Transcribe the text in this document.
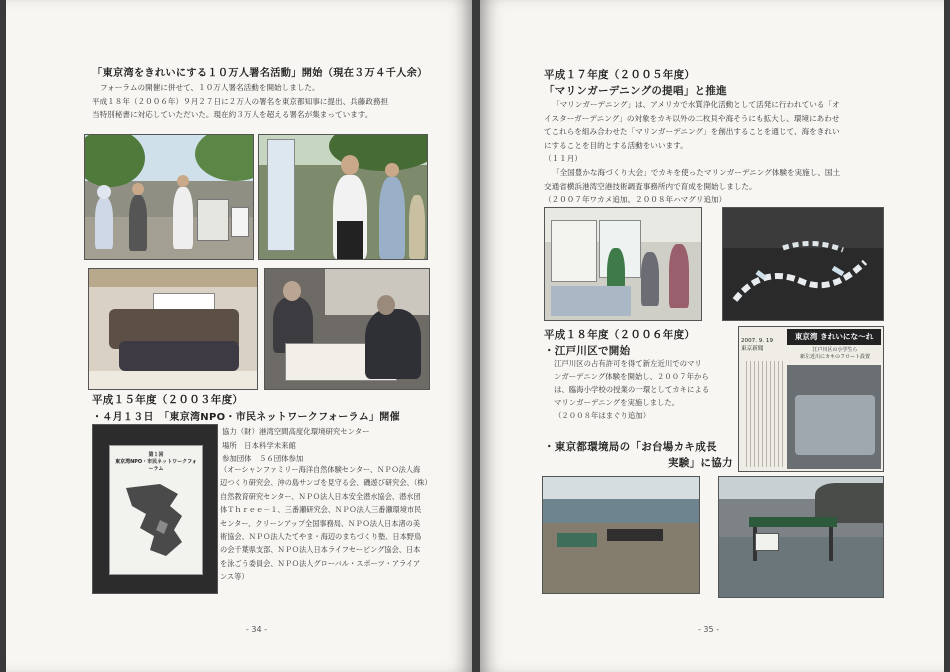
「東京湾をきれいにする１０万人署名活動」開始（現在３万４千人余）

フォーラムの開催に併せて、１０万人署名活動を開始しました。

平成１８年（２００６年）９月２７日に２万人の署名を東京都知事に提出、兵藤政務担

当特別秘書に対応していただいた。現在約３万人を超える署名が集まっています。

平成１５年度（２００３年度）
・４月１３日　「東京湾NPO・市民ネットワークフォーラム」開催
第１回
東京湾NPO・市民ネットワークフォーラム

協力（財）港湾空間高度化環境研究センター

場所　日本科学未来館

参加団体　５６団体参加

（オーシャンファミリー海洋自然体験センター、ＮＰＯ法人海

辺つくり研究会、沖の島サンゴを見守る会、磯遊び研究会、（株）

自然教育研究センター、ＮＰＯ法人日本安全潜水協会、潜水団

体Ｔｈｒｅｅ－１、三番瀬研究会、ＮＰＯ法人三番瀬環境市民

センター、クリーンアップ全国事務局、ＮＰＯ法人日本渚の美

術協会、ＮＰＯ法人たてやま・海辺のまちづくり塾、日本野鳥

の会千葉県支部、ＮＰＯ法人日本ライフセービング協会、日本

を泳ごう委員会、ＮＰＯ法人グローバル・スポーツ・アライア

ンス等）

- 34 -
平成１７年度（２００５年度）
「マリンガーデニングの提唱」と推進

「マリンガーデニング」は、アメリカで水質浄化活動として活発に行われている「オ

イスターガーデニング」の対象をカキ以外の二枚貝や海そうにも拡大し、環境にあわせ

てこれらを組み合わせた「マリンガーデニング」を創出することを通じて、海をきれい

にすることを目的とする活動をいいます。

（１１月）

「全国豊かな海づくり大会」でカキを使ったマリンガーデニング体験を実施し、国土

交通省横浜港湾空港技術調査事務所内で育成を開始しました。

（２００７年ワカメ追加、２００８年ハマグリ追加）

平成１８年度（２００６年度）
・江戸川区で開始

江戸川区の占有許可を得て新左近川でのマリ

ンガーデニング体験を開始し、２００７年から

は、臨海小学校の授業の一環としてカキによる

マリンガーデニングを実施しました。

（２００８年はまぐり追加）

2007. 9. 19
東京新聞
東京湾 きれいにな〜れ
江戸川区の小学生ら
新左近川にカキのフロート設置
・東京都環境局の「お台場カキ成長
実験」に協力
- 35 -
